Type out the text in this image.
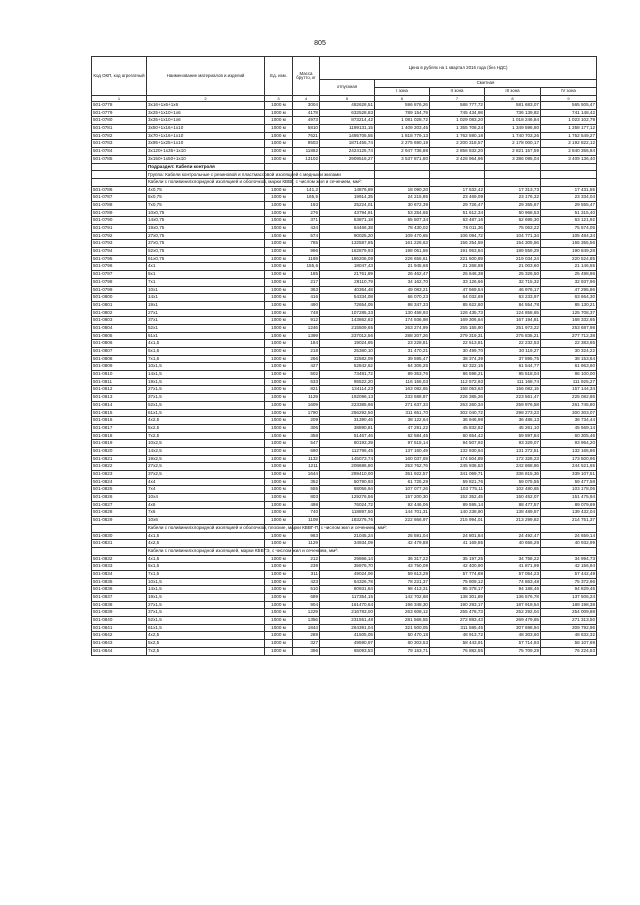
805
Код ОКП, код агрегатный	Наименование материалов и изделий	Ед. изм.	Масса брутто, кг	Цена в рублях на 1 квартал 2016 года (без НДС)				
				отпускная	Сметная			
					I зона	II зона	III зона	IV зона
1	2	3	4	5	6	7	8	9
501-0778	3х16+1х6+1х6	1000 м	3004	482628,51	596 876,26	588 777,72	581 683,07	565 505,47
501-0779	3х25+1х10+1х6	1000 м	4178	632528,83	789 154,79	745 434,98	736 139,82	741 148,42
501-0780	3х35+1х10+1х6	1000 м	4973	873214,42	1 081 028,72	1 029 083,20	1 018 246,84	1 023 102,79
501-0781	3х50+1х16+1х10	1000 м	5810	1199131,15	1 409 203,45	1 355 708,24	1 349 596,80	1 358 177,12
501-0782	3х70+1х16+1х10	1000 м	7621	1495706,55	1 818 779,13	1 762 590,18	1 740 703,26	1 752 549,27
501-0783	3х95+1х25+1х10	1000 м	9503	1871455,74	2 275 690,19	2 200 318,57	2 178 000,17	2 192 822,12
501-0784	3х120+1х35+1х10	1000 м	11862	2424125,74	2 947 736,88	2 856 832,20	2 821 157,59	2 840 356,84
501-0785	3х150+1х50+1х10	1000 м	13102	2909516,27	3 537 871,80	3 428 964,96	3 386 095,04	3 409 136,40
	Подраздел: Кабели контроля							
	Группа: Кабели контрольные с резиновой и пластмассовой изоляцией с медными жилами							
	Кабели с поливинилхлоридной изоляцией и оболочкой, марки КВВГ, с числом жил и сечением, мм²:							
501-0786	4х0,75	1000 м	141,2	14876,89	18 090,20	17 532,42	17 313,73	17 431,55
501-0787	5х0,75	1000 м	165,5	19914,35	24 215,85	23 469,09	23 176,32	23 334,04
501-0788	7х0,75	1000 м	193	25224,01	30 672,39	29 726,47	29 355,67	29 555,47
501-0789	10х0,75	1000 м	276	43794,91	53 254,65	51 612,34	50 968,53	51 315,40
501-0790	14х0,75	1000 м	371	53871,18	65 507,34	63 487,16	62 695,30	63 121,92
501-0791	19х0,75	1000 м	434	64466,38	78 430,02	76 011,36	75 063,22	75 574,05
501-0792	27х0,75	1000 м	574	90025,20	109 470,65	106 094,72	104 771,34	105 484,34
501-0793	37х0,75	1000 м	785	132587,85	161 226,63	156 254,59	154 305,56	155 355,56
501-0794	52х0,75	1000 м	996	162879,93	198 061,59	191 953,84	189 559,29	190 849,28
501-0795	61х0,75	1000 м	1169	186206,08	226 655,61	221 600,89	219 034,24	220 524,85
501-0796	4х1	1000 м	155,6	18047,43	21 945,68	21 268,88	21 003,60	21 146,55
501-0797	5х1	1000 м	185	21761,89	26 462,47	25 646,38	25 326,50	25 498,86
501-0798	7х1	1000 м	217	28110,79	34 162,70	33 126,66	32 715,32	32 937,96
501-0799	10х1	1000 м	363	40364,48	49 083,21	47 569,54	46 976,17	47 295,86
501-0800	14х1	1000 м	416	54334,08	66 070,23	64 032,69	63 233,97	63 664,30
501-0801	19х1	1000 м	490	72654,05	88 347,33	85 622,80	84 554,78	85 130,21
501-0802	27х1	1000 м	748	107285,33	130 458,93	126 435,73	124 858,65	125 708,37
501-0803	37х1	1000 м	912	143862,82	174 936,98	169 306,64	167 194,81	168 332,65
501-0804	52х1	1000 м	1246	215509,65	263 274,99	255 155,90	251 973,22	253 687,98
501-0805	61х1	1000 м	1399	237012,56	288 207,26	279 319,31	275 835,21	277 712,38
501-0806	4х1,5	1000 м	184	19024,85	23 228,81	22 513,81	22 232,53	22 383,85
501-0807	5х1,5	1000 м	218	25380,10	31 470,21	30 499,70	30 119,27	30 324,22
501-0808	7х1,5	1000 м	266	32582,09	39 595,47	38 374,39	37 895,75	38 153,64
501-0809	10х1,5	1000 м	427	52842,62	64 305,25	62 322,15	61 544,77	61 963,60
501-0810	14х1,5	1000 м	502	73481,72	89 353,76	86 598,21	85 518,04	86 100,00
501-0811	19х1,5	1000 м	633	95522,20	116 155,03	112 572,93	111 168,74	111 925,27
501-0812	27х1,5	1000 м	821	134114,23	163 082,65	158 053,63	156 082,15	157 144,34
501-0813	37х1,5	1000 м	1129	192096,13	233 588,87	226 385,26	223 561,47	225 082,86
501-0814	52х1,5	1000 м	1609	223385,96	271 637,33	263 260,34	259 976,58	261 745,80
501-0815	61х1,5	1000 м	1790	256292,50	311 651,70	302 040,72	298 273,23	300 303,07
501-0816	4х2,5	1000 м	209	31390,45	38 122,64	36 946,98	36 486,13	36 734,44
501-0817	5х2,5	1000 м	306	38890,81	47 291,22	45 832,82	45 261,10	45 569,14
501-0818	7х2,5	1000 м	358	51467,46	62 584,45	60 654,42	59 897,84	60 305,46
501-0819	10х2,5	1000 м	547	80193,39	97 515,14	94 507,92	93 329,07	93 964,20
501-0820	14х2,5	1000 м	690	112796,45	137 160,49	132 930,64	131 272,51	132 165,86
501-0821	19х2,5	1000 м	1132	145073,74	160 037,69	174 504,89	172 328,23	173 500,96
501-0822	27х2,5	1000 м	1211	208686,80	253 762,76	245 936,53	242 868,86	244 521,65
501-0823	37х2,5	1000 м	1644	289410,00	351 922,57	341 069,71	336 815,36	339 107,51
501-0824	4х4	1000 м	352	50790,93	61 725,29	59 821,76	59 075,55	59 477,58
501-0825	7х4	1000 м	555	88056,94	107 077,26	103 775,11	102 480,65	103 178,06
501-0826	10х4	1000 м	803	129276,56	157 200,30	152 352,45	150 452,07	151 475,94
501-0827	4х6	1000 м	498	76024,72	92 446,06	89 595,14	88 477,57	89 079,69
501-0828	7х6	1000 м	740	118897,50	144 701,31	140 238,90	138 489,57	139 432,04
501-0829	10х6	1000 м	1109	183276,76	222 866,97	215 994,01	213 299,82	214 751,37
	Кабели с поливинилхлоридной изоляцией и оболочкой, плоские, марки КВВГ-П, с числом жил и сечением, мм²:							
501-0830	4х1,5	1000 м	963	21045,24	25 591,04	24 801,84	24 492,47	24 659,14
501-0831	4х2,5	1000 м	1129	34934,09	42 479,88	41 169,85	40 656,29	40 932,99
	Кабели с поливинилхлоридной изоляцией, марки КВВГЭ, с числом жил и сечением, мм²:							
501-0832	4х1,5	1000 м	212	29866,14	36 317,22	35 197,25	34 758,22	34 994,73
501-0833	5х1,5	1000 м	239	35978,70	43 750,09	42 400,90	41 871,99	42 156,94
501-0834	7х1,5	1000 м	311	49024,06	59 613,29	57 774,88	57 054,23	57 442,49
501-0835	10х1,5	1000 м	423	64326,78	78 221,37	75 809,12	74 863,48	75 372,96
501-0836	14х1,5	1000 м	510	80931,84	98 413,31	95 378,17	94 188,46	94 829,45
501-0837	19х1,5	1000 м	689	117354,15	142 702,68	138 301,89	136 576,78	137 506,24
501-0838	27х1,5	1000 м	904	161470,64	196 348,30	190 293,17	187 919,54	189 198,38
501-0839	37х1,5	1000 м	1229	216783,00	263 608,12	255 478,73	252 292,04	254 009,88
501-0840	52х1,5	1000 м	1356	231551,48	281 566,55	272 883,43	269 479,65	271 313,50
501-0841	61х1,5	1000 м	1844	264391,04	321 500,05	311 585,45	307 698,94	309 792,96
501-0842	4х2,5	1000 м	289	41505,05	50 470,18	48 913,72	48 303,60	48 632,32
501-0843	5х2,5	1000 м	327	49590,97	60 303,53	58 443,91	57 714,93	58 107,69
501-0844	7х2,5	1000 м	396	65093,53	79 153,71	76 882,55	75 709,29	76 224,53
